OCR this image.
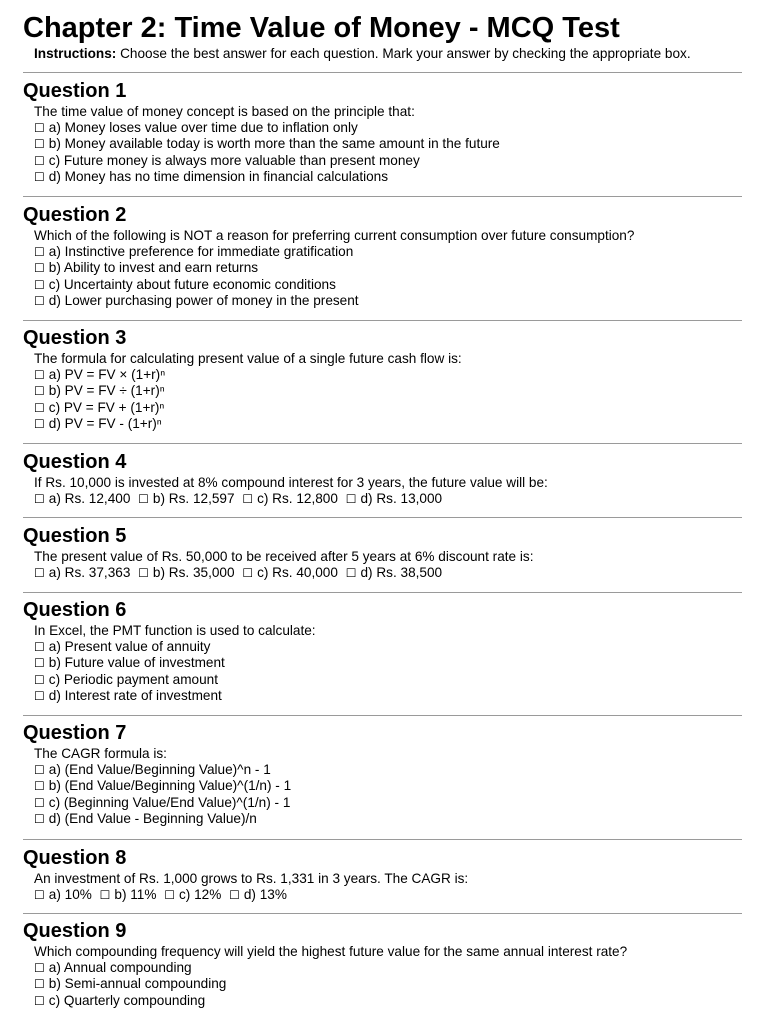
Chapter 2: Time Value of Money - MCQ Test

Instructions: Choose the best answer for each question. Mark your answer by checking the appropriate box.

Question 1

The time value of money concept is based on the principle that:

☐ a) Money loses value over time due to inflation only
☐ b) Money available today is worth more than the same amount in the future
☐ c) Future money is always more valuable than present money
☐ d) Money has no time dimension in financial calculations
Question 2

Which of the following is NOT a reason for preferring current consumption over future consumption?

☐ a) Instinctive preference for immediate gratification
☐ b) Ability to invest and earn returns
☐ c) Uncertainty about future economic conditions
☐ d) Lower purchasing power of money in the present
Question 3

The formula for calculating present value of a single future cash flow is:

☐ a) PV = FV × (1+r)ⁿ
☐ b) PV = FV ÷ (1+r)ⁿ
☐ c) PV = FV + (1+r)ⁿ
☐ d) PV = FV - (1+r)ⁿ
Question 4

If Rs. 10,000 is invested at 8% compound interest for 3 years, the future value will be:

☐ a) Rs. 12,400 ☐ b) Rs. 12,597 ☐ c) Rs. 12,800 ☐ d) Rs. 13,000
Question 5

The present value of Rs. 50,000 to be received after 5 years at 6% discount rate is:

☐ a) Rs. 37,363 ☐ b) Rs. 35,000 ☐ c) Rs. 40,000 ☐ d) Rs. 38,500
Question 6

In Excel, the PMT function is used to calculate:

☐ a) Present value of annuity
☐ b) Future value of investment
☐ c) Periodic payment amount
☐ d) Interest rate of investment
Question 7

The CAGR formula is:

☐ a) (End Value/Beginning Value)^n - 1
☐ b) (End Value/Beginning Value)^(1/n) - 1
☐ c) (Beginning Value/End Value)^(1/n) - 1
☐ d) (End Value - Beginning Value)/n
Question 8

An investment of Rs. 1,000 grows to Rs. 1,331 in 3 years. The CAGR is:

☐ a) 10% ☐ b) 11% ☐ c) 12% ☐ d) 13%
Question 9

Which compounding frequency will yield the highest future value for the same annual interest rate?

☐ a) Annual compounding
☐ b) Semi-annual compounding
☐ c) Quarterly compounding
